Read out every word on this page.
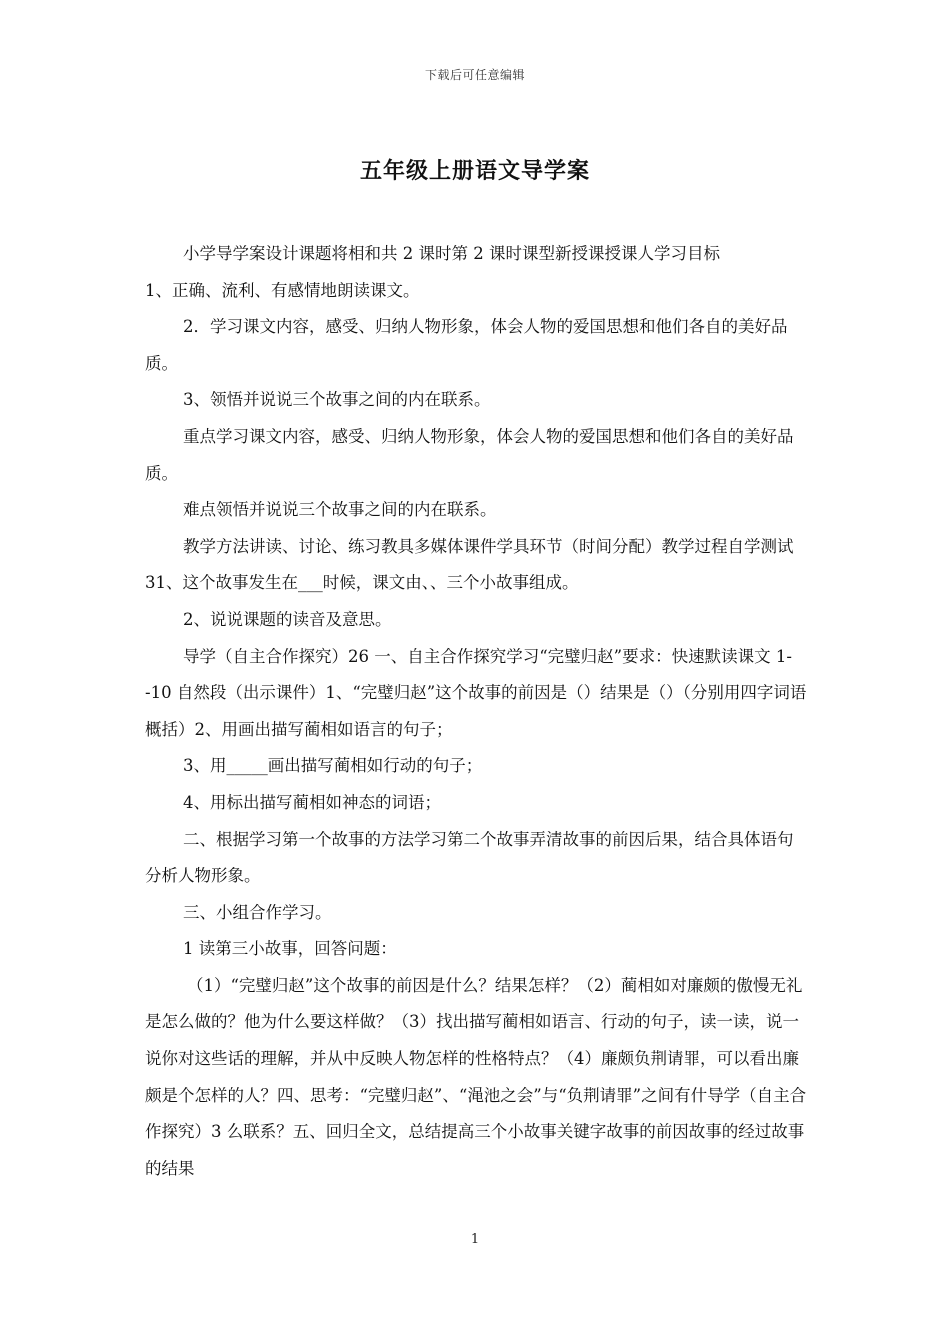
下载后可任意编辑
五年级上册语文导学案

小学导学案设计课题将相和共 2 课时第 2 课时课型新授课授课人学习目标

1、正确、流利、有感情地朗读课文。

2．学习课文内容，感受、归纳人物形象，体会人物的爱国思想和他们各自的美好品质。

3、领悟并说说三个故事之间的内在联系。

重点学习课文内容，感受、归纳人物形象，体会人物的爱国思想和他们各自的美好品质。

难点领悟并说说三个故事之间的内在联系。

教学方法讲读、讨论、练习教具多媒体课件学具环节（时间分配）教学过程自学测试 31、这个故事发生在___时候，课文由、、三个小故事组成。

2、说说课题的读音及意思。

导学（自主合作探究）26 一、自主合作探究学习“完璧归赵”要求：快速默读课文 1--10 自然段（出示课件）1、“完璧归赵”这个故事的前因是（）结果是（）（分别用四字词语概括）2、用画出描写蔺相如语言的句子；

3、用_____画出描写蔺相如行动的句子；

4、用标出描写蔺相如神态的词语；

二、根据学习第一个故事的方法学习第二个故事弄清故事的前因后果，结合具体语句分析人物形象。

三、小组合作学习。

1 读第三小故事，回答问题：

（1）“完璧归赵”这个故事的前因是什么？结果怎样？（2）蔺相如对廉颇的傲慢无礼是怎么做的？他为什么要这样做？（3）找出描写蔺相如语言、行动的句子，读一读，说一说你对这些话的理解，并从中反映人物怎样的性格特点？（4）廉颇负荆请罪，可以看出廉颇是个怎样的人？四、思考：“完璧归赵”、“渑池之会”与“负荆请罪”之间有什导学（自主合作探究）3 么联系？五、回归全文，总结提高三个小故事关键字故事的前因故事的经过故事的结果

1
